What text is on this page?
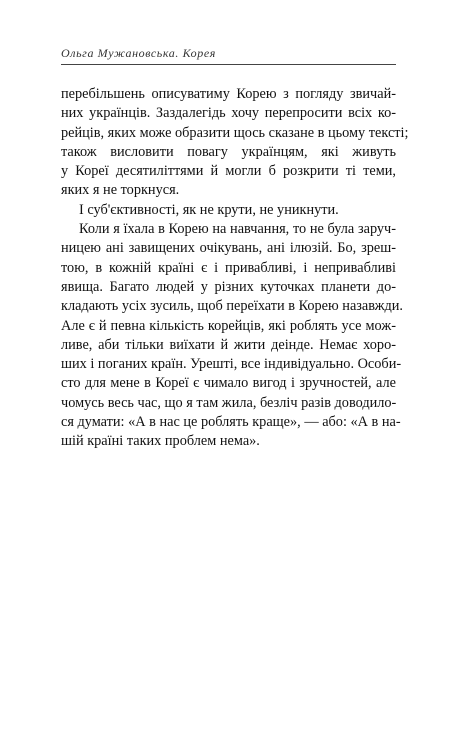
Ольга Мужановська. Корея
перебільшень описуватиму Корею з погляду звичай-
них українців. Заздалегідь хочу перепросити всіх ко-
рейців, яких може образити щось сказане в цьому тексті;
також висловити повагу українцям, які живуть
у Кореї десятиліттями й могли б розкрити ті теми,
яких я не торкнуся.
І суб'єктивності, як не крути, не уникнути.
Коли я їхала в Корею на навчання, то не була заруч-
ницею ані завищених очікувань, ані ілюзій. Бо, зреш-
тою, в кожній країні є і привабливі, і непривабливі
явища. Багато людей у різних куточках планети до-
кладають усіх зусиль, щоб переїхати в Корею назавжди.
Але є й певна кількість корейців, які роблять усе мож-
ливе, аби тільки виїхати й жити деінде. Немає хоро-
ших і поганих країн. Урешті, все індивідуально. Особи-
сто для мене в Кореї є чимало вигод і зручностей, але
чомусь весь час, що я там жила, безліч разів доводило-
ся думати: «А в нас це роблять краще», — або: «А в на-
шій країні таких проблем нема».
